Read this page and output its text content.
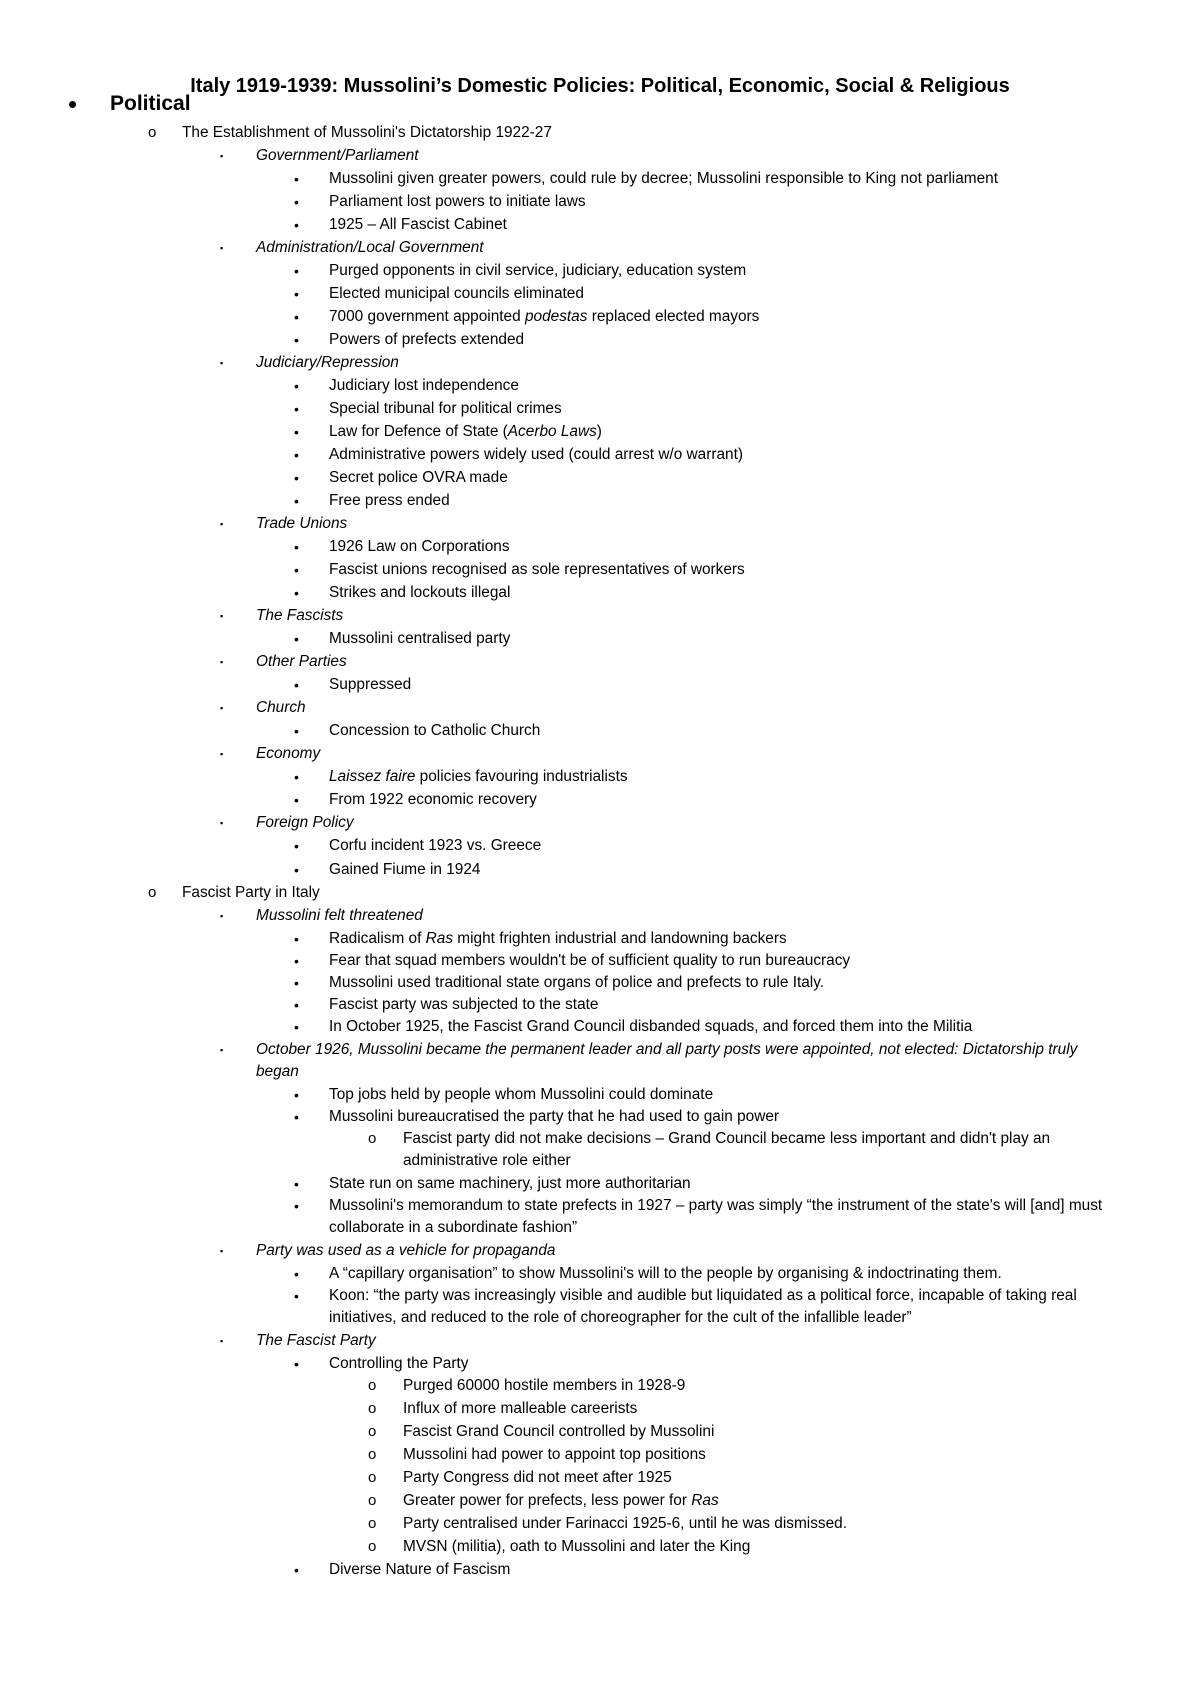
Italy 1919-1939: Mussolini’s Domestic Policies: Political, Economic, Social & Religious
• Political
o The Establishment of Mussolini's Dictatorship 1922-27
▪ Government/Parliament
• Mussolini given greater powers, could rule by decree; Mussolini responsible to King not parliament
• Parliament lost powers to initiate laws
• 1925 – All Fascist Cabinet
▪ Administration/Local Government
• Purged opponents in civil service, judiciary, education system
• Elected municipal councils eliminated
• 7000 government appointed podestas replaced elected mayors
• Powers of prefects extended
▪ Judiciary/Repression
• Judiciary lost independence
• Special tribunal for political crimes
• Law for Defence of State (Acerbo Laws)
• Administrative powers widely used (could arrest w/o warrant)
• Secret police OVRA made
• Free press ended
▪ Trade Unions
• 1926 Law on Corporations
• Fascist unions recognised as sole representatives of workers
• Strikes and lockouts illegal
▪ The Fascists
• Mussolini centralised party
▪ Other Parties
• Suppressed
▪ Church
• Concession to Catholic Church
▪ Economy
• Laissez faire policies favouring industrialists
• From 1922 economic recovery
▪ Foreign Policy
• Corfu incident 1923 vs. Greece
• Gained Fiume in 1924
o Fascist Party in Italy
▪ Mussolini felt threatened
• Radicalism of Ras might frighten industrial and landowning backers
• Fear that squad members wouldn't be of sufficient quality to run bureaucracy
• Mussolini used traditional state organs of police and prefects to rule Italy.
• Fascist party was subjected to the state
• In October 1925, the Fascist Grand Council disbanded squads, and forced them into the Militia
▪ October 1926, Mussolini became the permanent leader and all party posts were appointed, not elected: Dictatorship truly began
• Top jobs held by people whom Mussolini could dominate
• Mussolini bureaucratised the party that he had used to gain power
o Fascist party did not make decisions – Grand Council became less important and didn't play an administrative role either
• State run on same machinery, just more authoritarian
• Mussolini's memorandum to state prefects in 1927 – party was simply “the instrument of the state's will [and] must collaborate in a subordinate fashion”
▪ Party was used as a vehicle for propaganda
• A “capillary organisation” to show Mussolini's will to the people by organising & indoctrinating them.
• Koon: “the party was increasingly visible and audible but liquidated as a political force, incapable of taking real initiatives, and reduced to the role of choreographer for the cult of the infallible leader”
▪ The Fascist Party
• Controlling the Party
o Purged 60000 hostile members in 1928-9
o Influx of more malleable careerists
o Fascist Grand Council controlled by Mussolini
o Mussolini had power to appoint top positions
o Party Congress did not meet after 1925
o Greater power for prefects, less power for Ras
o Party centralised under Farinacci 1925-6, until he was dismissed.
o MVSN (militia), oath to Mussolini and later the King
• Diverse Nature of Fascism
